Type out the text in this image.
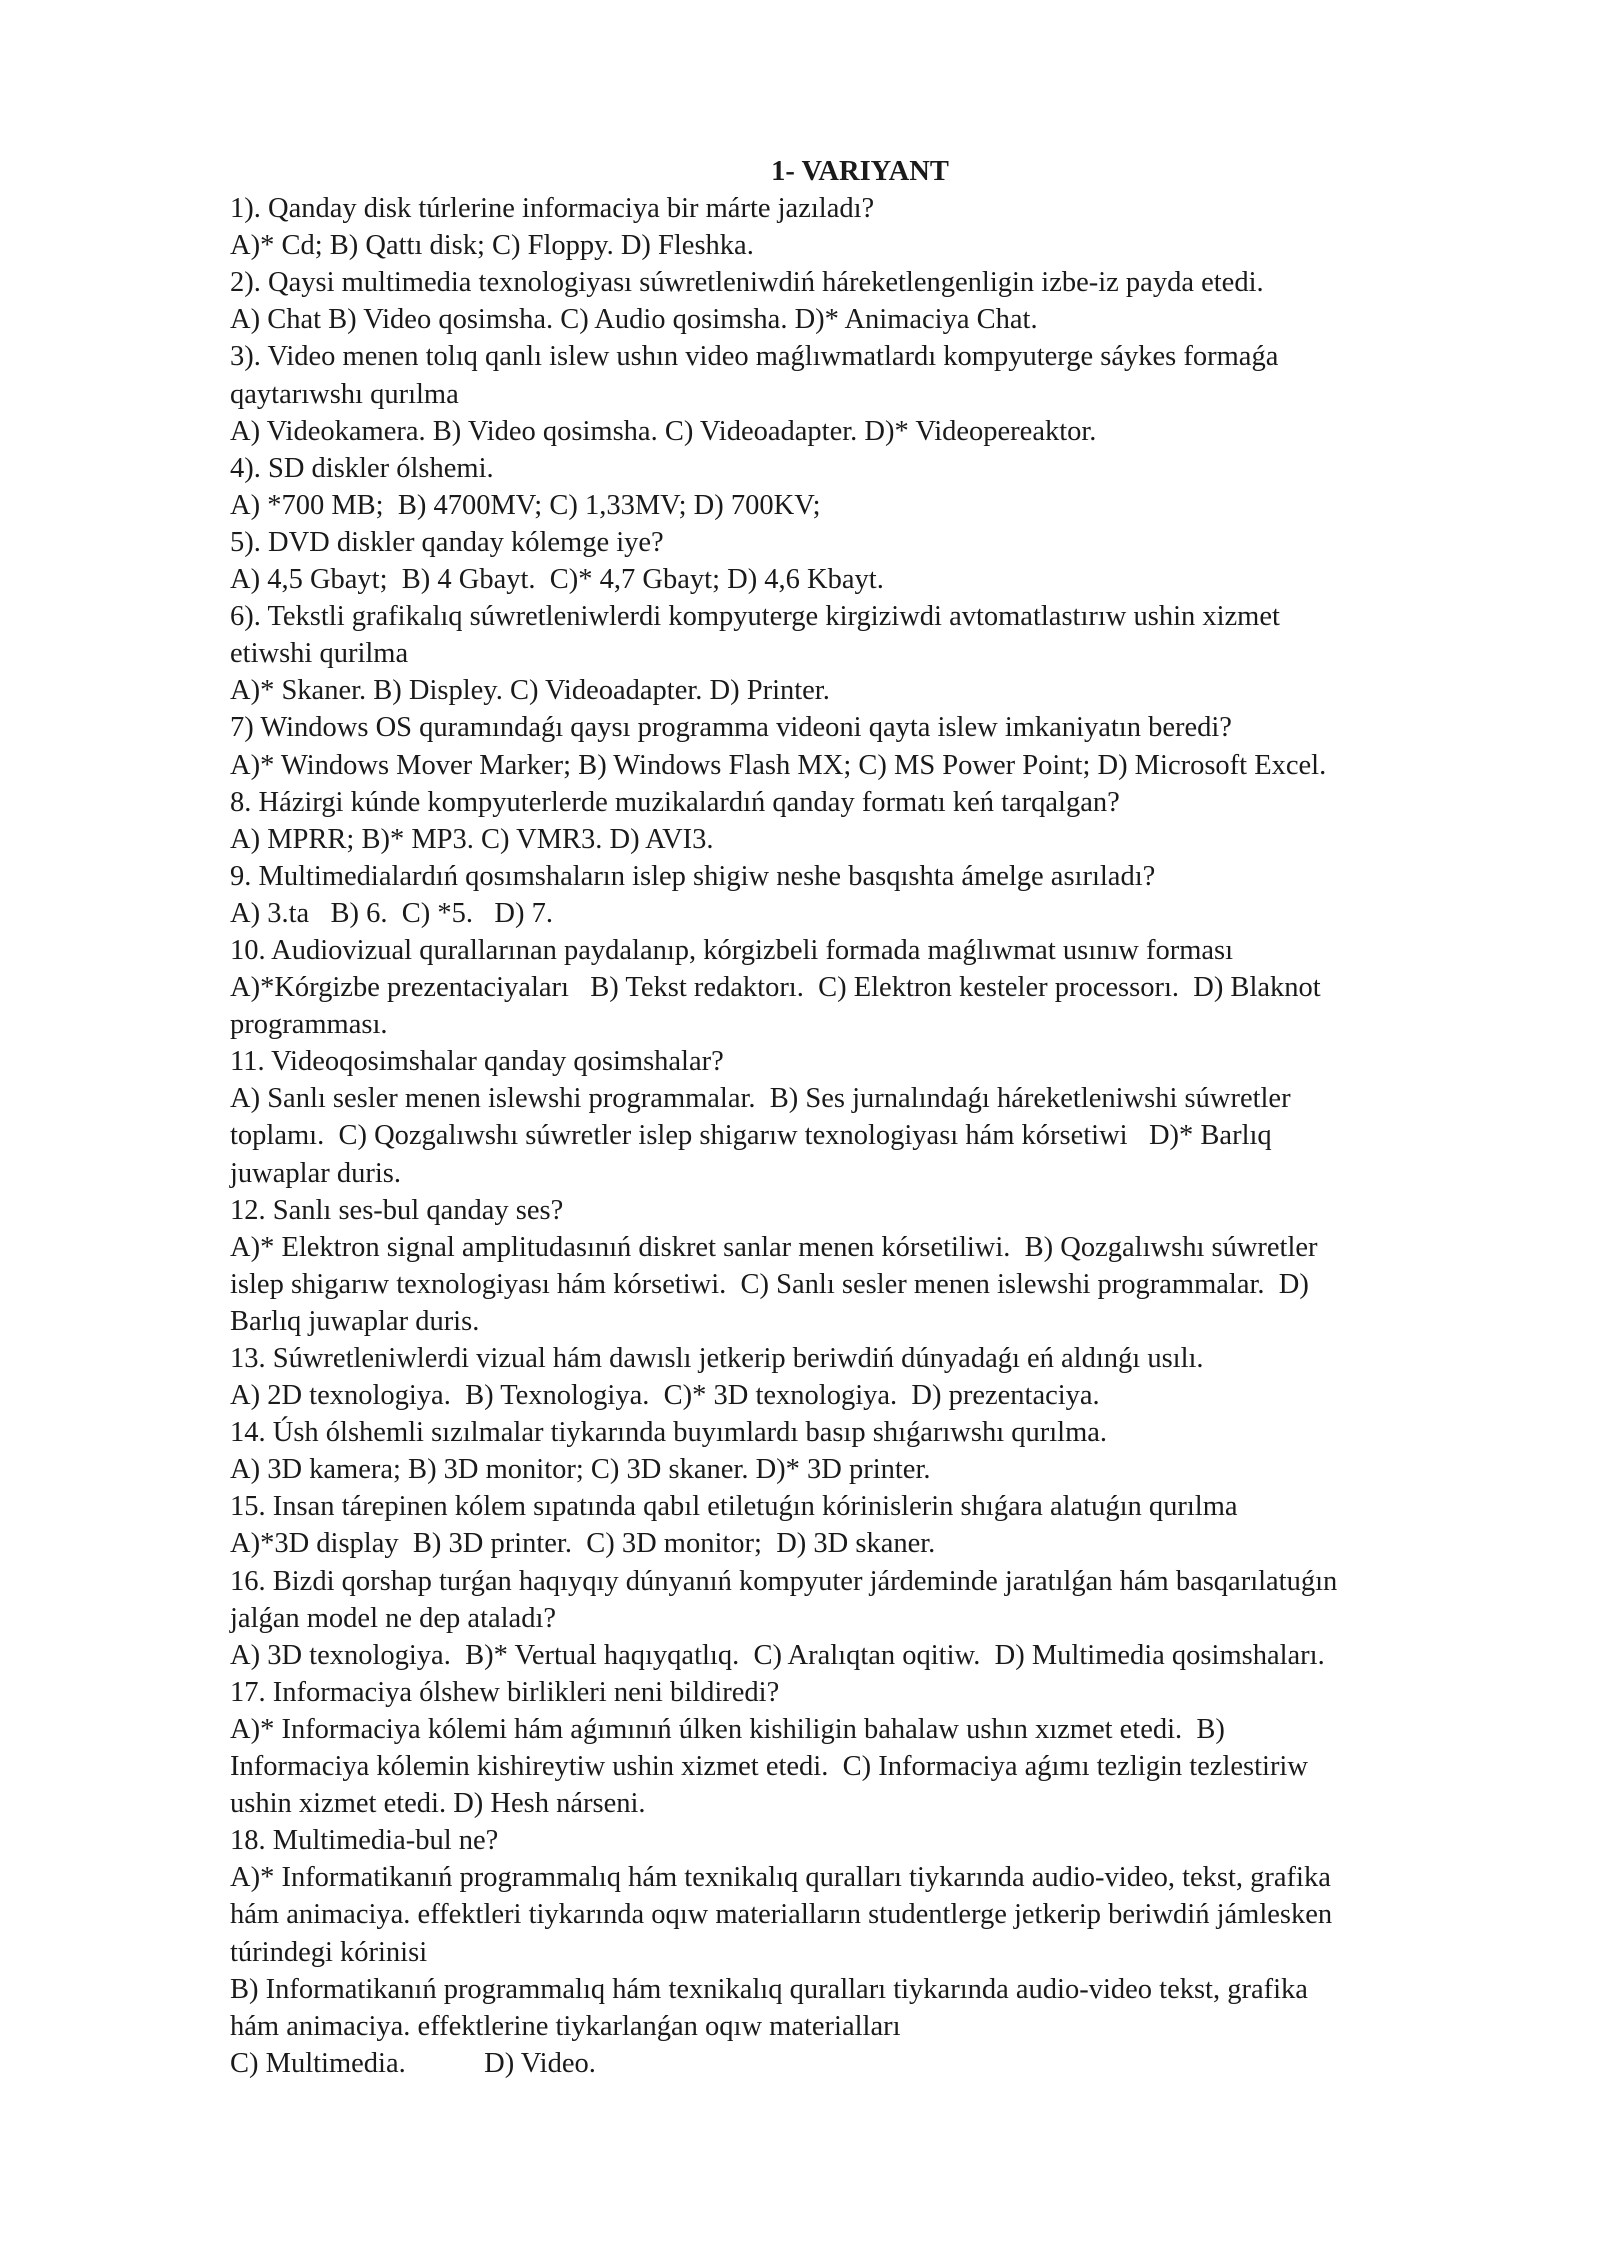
1- VARIYANT

1). Qanday disk túrlerine informaciya bir márte jazıladı?

A)* Cd; B) Qattı disk; C) Floppy. D) Fleshka.

2). Qaysi multimedia texnologiyası súwretleniwdiń háreketlengenligin izbe-iz payda etedi.

A) Chat B) Video qosimsha. C) Audio qosimsha. D)* Animaciya Chat.

3). Video menen tolıq qanlı islew ushın video maǵlıwmatlardı kompyuterge sáykes formaǵa

qaytarıwshı qurılma

A) Videokamera. B) Video qosimsha. C) Videoadapter. D)* Videopereaktor.

4). SD diskler ólshemi.

A) *700 MB;  B) 4700MV; C) 1,33MV; D) 700KV;

5). DVD diskler qanday kólemge iye?

A) 4,5 Gbayt;  B) 4 Gbayt.  C)* 4,7 Gbayt; D) 4,6 Kbayt.

6). Tekstli grafikalıq súwretleniwlerdi kompyuterge kirgiziwdi avtomatlastırıw ushin xizmet

etiwshi qurilma

A)* Skaner. B) Displey. C) Videoadapter. D) Printer.

7) Windows OS quramındaǵı qaysı programma videoni qayta islew imkaniyatın beredi?

A)* Windows Mover Marker; B) Windows Flash MX; C) MS Power Point; D) Microsoft Excel.

8. Házirgi kúnde kompyuterlerde muzikalardıń qanday formatı keń tarqalgan?

A) MPRR; B)* MP3. C) VMR3. D) AVI3.

9. Multimedialardıń qosımshaların islep shigiw neshe basqıshta ámelge asırıladı?

A) 3.ta   B) 6.  C) *5.   D) 7.

10. Audiovizual qurallarınan paydalanıp, kórgizbeli formada maǵlıwmat usınıw forması

A)*Kórgizbe prezentaciyaları   B) Tekst redaktorı.  C) Elektron kesteler processorı.  D) Blaknot

programması.

11. Videoqosimshalar qanday qosimshalar?

A) Sanlı sesler menen islewshi programmalar.  B) Ses jurnalındaǵı háreketleniwshi súwretler

toplamı.  C) Qozgalıwshı súwretler islep shigarıw texnologiyası hám kórsetiwi   D)* Barlıq

juwaplar duris.

12. Sanlı ses-bul qanday ses?

A)* Elektron signal amplitudasınıń diskret sanlar menen kórsetiliwi.  B) Qozgalıwshı súwretler

islep shigarıw texnologiyası hám kórsetiwi.  C) Sanlı sesler menen islewshi programmalar.  D)

Barlıq juwaplar duris.

13. Súwretleniwlerdi vizual hám dawıslı jetkerip beriwdiń dúnyadaǵı eń aldınǵı usılı.

A) 2D texnologiya.  B) Texnologiya.  C)* 3D texnologiya.  D) prezentaciya.

14. Úsh ólshemli sızılmalar tiykarında buyımlardı basıp shıǵarıwshı qurılma.

A) 3D kamera; B) 3D monitor; C) 3D skaner. D)* 3D printer.

15. Insan tárepinen kólem sıpatında qabıl etiletuǵın kórinislerin shıǵara alatuǵın qurılma

A)*3D display  B) 3D printer.  C) 3D monitor;  D) 3D skaner.

16. Bizdi qorshap turǵan haqıyqıy dúnyanıń kompyuter járdeminde jaratılǵan hám basqarılatuǵın

jalǵan model ne dep ataladı?

A) 3D texnologiya.  B)* Vertual haqıyqatlıq.  C) Aralıqtan oqitiw.  D) Multimedia qosimshaları.

17. Informaciya ólshew birlikleri neni bildiredi?

A)* Informaciya kólemi hám aǵımınıń úlken kishiligin bahalaw ushın xızmet etedi.  B)

Informaciya kólemin kishireytiw ushin xizmet etedi.  C) Informaciya aǵımı tezligin tezlestiriw

ushin xizmet etedi. D) Hesh nárseni.

18. Multimedia-bul ne?

A)* Informatikanıń programmalıq hám texnikalıq quralları tiykarında audio-video, tekst, grafika

hám animaciya. effektleri tiykarında oqıw materialların studentlerge jetkerip beriwdiń jámlesken

túrindegi kórinisi

B) Informatikanıń programmalıq hám texnikalıq quralları tiykarında audio-video tekst, grafika

hám animaciya. effektlerine tiykarlanǵan oqıw materialları

C) Multimedia.           D) Video.
